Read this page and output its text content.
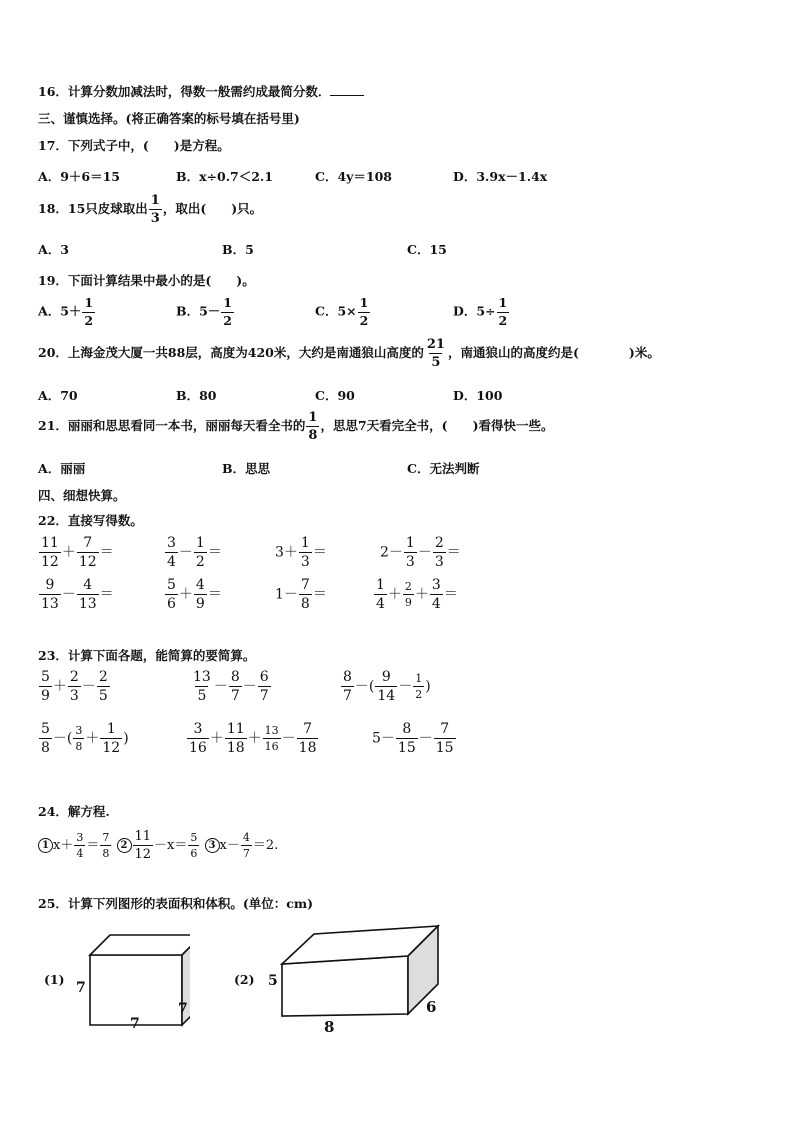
16．计算分数加减法时，得数一般需约成最简分数．
三、谨慎选择。(将正确答案的标号填在括号里)
17．下列式子中，(　　)是方程。
A．9＋6＝15	B．x÷0.7＜2.1	C．4y＝108	D．3.9x－1.4x
18．15只皮球取出 $\frac{1}{3}$ ，取出(　　)只。
A．3	B．5	C．15
19．下面计算结果中最小的是(　　)。
A．$5+ \frac{1}{2}$	B．$5- \frac{1}{2}$	C．$5\times \frac{1}{2}$	D．$5\div \frac{1}{2}$
20．上海金茂大厦一共88层，高度为420米，大约是南通狼山高度的 $\frac{21}{5}$ ，南通狼山的高度约是(　　　　)米。
A．70	B．80	C．90	D．100
21．丽丽和思思看同一本书，丽丽每天看全书的 $\frac{1}{8}$ ，思思7天看完全书，(　　)看得快一些。
A．丽丽	B．思思	C．无法判断
四、细想快算。
22．直接写得数。
$\frac{11}{12} + \frac{7}{12}$ ＝	$\frac{3}{4} - \frac{1}{2}$ ＝	$3+ \frac{1}{3}$ ＝	$2- \frac{1}{3} - \frac{2}{3}$ ＝
$\frac{9}{13} - \frac{4}{13}$ ＝	$\frac{5}{6} + \frac{4}{9}$ ＝	$1- \frac{7}{8}$ ＝	$\frac{1}{4} + \frac{2}{9} + \frac{3}{4}$ ＝
23．计算下面各题，能简算的要简算。
$\frac{5}{9} + \frac{2}{3} - \frac{2}{5}$	$\frac{13}{5} - \frac{8}{7} - \frac{6}{7}$	$\frac{8}{7}$ －( $\frac{9}{14} - \frac{1}{2}$ )
$\frac{5}{8}$ －( $\frac{3}{8} + \frac{1}{12}$ )	$\frac{3}{16} + \frac{11}{18} + \frac{13}{16} - \frac{7}{18}$	$5- \frac{8}{15} - \frac{7}{15}$
24．解方程.
1 $x+ \frac{3}{4} = \frac{7}{8} 2 \frac{11}{12} -x= \frac{5}{6} 3$ $x- \frac{4}{7} =2$.
25．计算下列图形的表面积和体积。(单位：cm)
(1)
7
7
7
(2) 5
8
6
